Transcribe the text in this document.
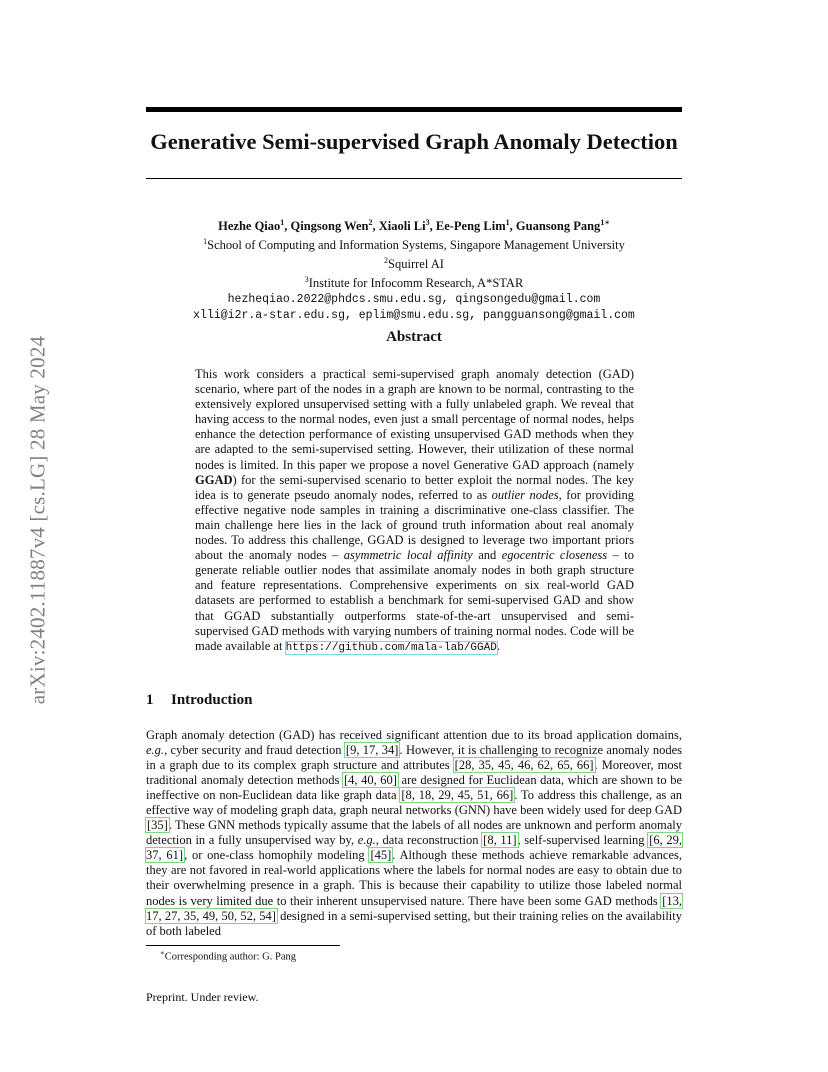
arXiv:2402.11887v4 [cs.LG] 28 May 2024
Generative Semi-supervised Graph Anomaly Detection
Hezhe Qiao$^1$, Qingsong Wen$^2$, Xiaoli Li$^3$, Ee-Peng Lim$^1$, Guansong Pang$^{1∗}$
$^1$School of Computing and Information Systems, Singapore Management University
$^2$Squirrel AI
$^3$Institute for Infocomm Research, A*STAR
hezheqiao.2022@phdcs.smu.edu.sg, qingsongedu@gmail.com
xlli@i2r.a-star.edu.sg, eplim@smu.edu.sg, pangguansong@gmail.com
Abstract
This work considers a practical semi-supervised graph anomaly detection (GAD) scenario, where part of the nodes in a graph are known to be normal, contrasting to the extensively explored unsupervised setting with a fully unlabeled graph. We reveal that having access to the normal nodes, even just a small percentage of normal nodes, helps enhance the detection performance of existing unsupervised GAD methods when they are adapted to the semi-supervised setting. However, their utilization of these normal nodes is limited. In this paper we propose a novel Generative GAD approach (namely GGAD) for the semi-supervised scenario to better exploit the normal nodes. The key idea is to generate pseudo anomaly nodes, referred to as outlier nodes, for providing effective negative node samples in training a discriminative one-class classifier. The main challenge here lies in the lack of ground truth information about real anomaly nodes. To address this challenge, GGAD is designed to leverage two important priors about the anomaly nodes – asymmetric local affinity and egocentric closeness – to generate reliable outlier nodes that assimilate anomaly nodes in both graph structure and feature representations. Comprehensive experiments on six real-world GAD datasets are performed to establish a benchmark for semi-supervised GAD and show that GGAD substantially outperforms state-of-the-art unsupervised and semi-supervised GAD methods with varying numbers of training normal nodes. Code will be made available at https://github.com/mala-lab/GGAD.
1 Introduction
Graph anomaly detection (GAD) has received significant attention due to its broad application domains, e.g., cyber security and fraud detection [9, 17, 34]. However, it is challenging to recognize anomaly nodes in a graph due to its complex graph structure and attributes [28, 35, 45, 46, 62, 65, 66]. Moreover, most traditional anomaly detection methods [4, 40, 60] are designed for Euclidean data, which are shown to be ineffective on non-Euclidean data like graph data [8, 18, 29, 45, 51, 66]. To address this challenge, as an effective way of modeling graph data, graph neural networks (GNN) have been widely used for deep GAD [35]. These GNN methods typically assume that the labels of all nodes are unknown and perform anomaly detection in a fully unsupervised way by, e.g., data reconstruction [8, 11], self-supervised learning [6, 29, 37, 61], or one-class homophily modeling [45]. Although these methods achieve remarkable advances, they are not favored in real-world applications where the labels for normal nodes are easy to obtain due to their overwhelming presence in a graph. This is because their capability to utilize those labeled normal nodes is very limited due to their inherent unsupervised nature. There have been some GAD methods [13, 17, 27, 35, 49, 50, 52, 54] designed in a semi-supervised setting, but their training relies on the availability of both labeled
∗Corresponding author: G. Pang
Preprint. Under review.
